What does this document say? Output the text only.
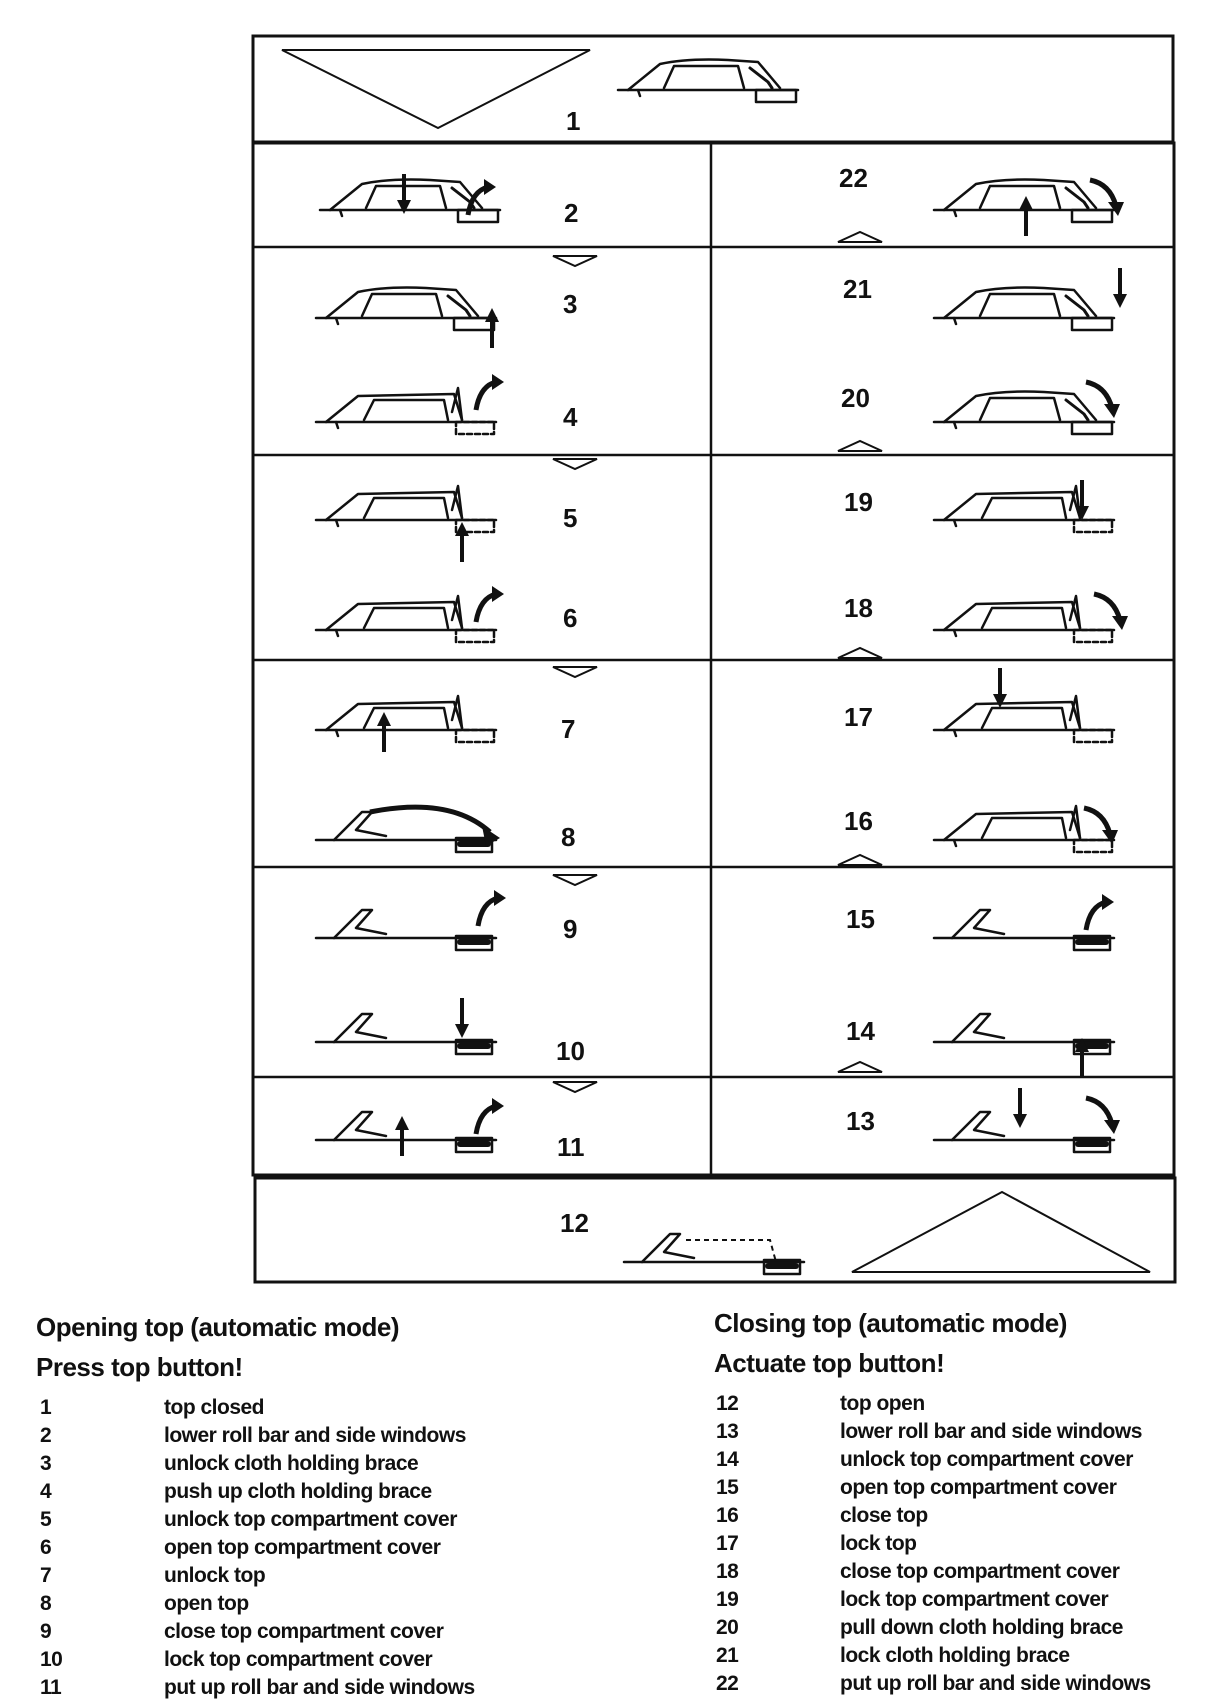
1
2
3
4
5
6
7
8
9
10
11
12
13
14
15
16
17
18
19
20
21
22
Opening top (automatic mode)
Press top button!
1	top closed
2	lower roll bar and side windows
3	unlock cloth holding brace
4	push up cloth holding brace
5	unlock top compartment cover
6	open top compartment cover
7	unlock top
8	open top
9	close top compartment cover
10	lock top compartment cover
11	put up roll bar and side windows
Closing top (automatic mode)
Actuate top button!
12	top open
13	lower roll bar and side windows
14	unlock top compartment cover
15	open top compartment cover
16	close top
17	lock top
18	close top compartment cover
19	lock top compartment cover
20	pull down cloth holding brace
21	lock cloth holding brace
22	put up roll bar and side windows
